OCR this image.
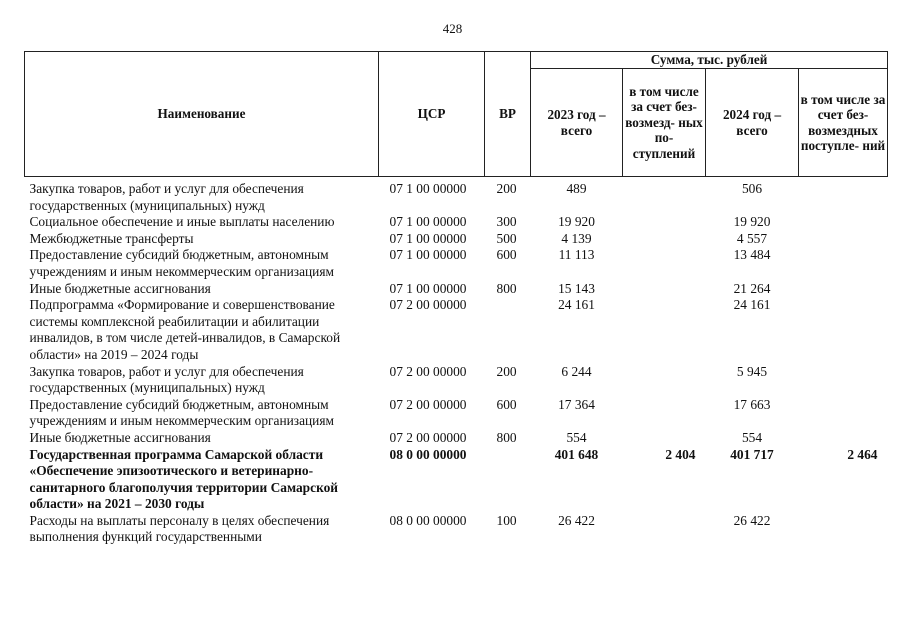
428
Наименование	ЦСР	ВР	Сумма, тыс. рублей			
			2023 год – всего	в том числе за счет без- возмезд- ных по- ступлений	2024 год – всего	в том числе за счет без- возмездных поступле- ний

Закупка товаров, работ и услуг для обеспечения государственных (муниципальных) нужд	07 1 00 00000	200	489		506	
Социальное обеспечение и иные выплаты населению	07 1 00 00000	300	19 920		19 920	
Межбюджетные трансферты	07 1 00 00000	500	4 139		4 557	
Предоставление субсидий бюджетным, автономным учреждениям и иным некоммерческим организациям	07 1 00 00000	600	11 113		13 484	
Иные бюджетные ассигнования	07 1 00 00000	800	15 143		21 264	
Подпрограмма «Формирование и совершенствование системы комплексной реабилитации и абилитации инвалидов, в том числе детей-инвалидов, в Самарской области» на 2019 – 2024 годы	07 2 00 00000		24 161		24 161	
Закупка товаров, работ и услуг для обеспечения государственных (муниципальных) нужд	07 2 00 00000	200	6 244		5 945	
Предоставление субсидий бюджетным, автономным учреждениям и иным некоммерческим организациям	07 2 00 00000	600	17 364		17 663	
Иные бюджетные ассигнования	07 2 00 00000	800	554		554	
Государственная программа Самарской области «Обеспечение эпизоотического и ветеринарно-санитарного благополучия территории Самарской области» на 2021 – 2030 годы	08 0 00 00000		401 648	2 404	401 717	2 464
Расходы на выплаты персоналу в целях обеспечения выполнения функций государственными	08 0 00 00000	100	26 422		26 422	
